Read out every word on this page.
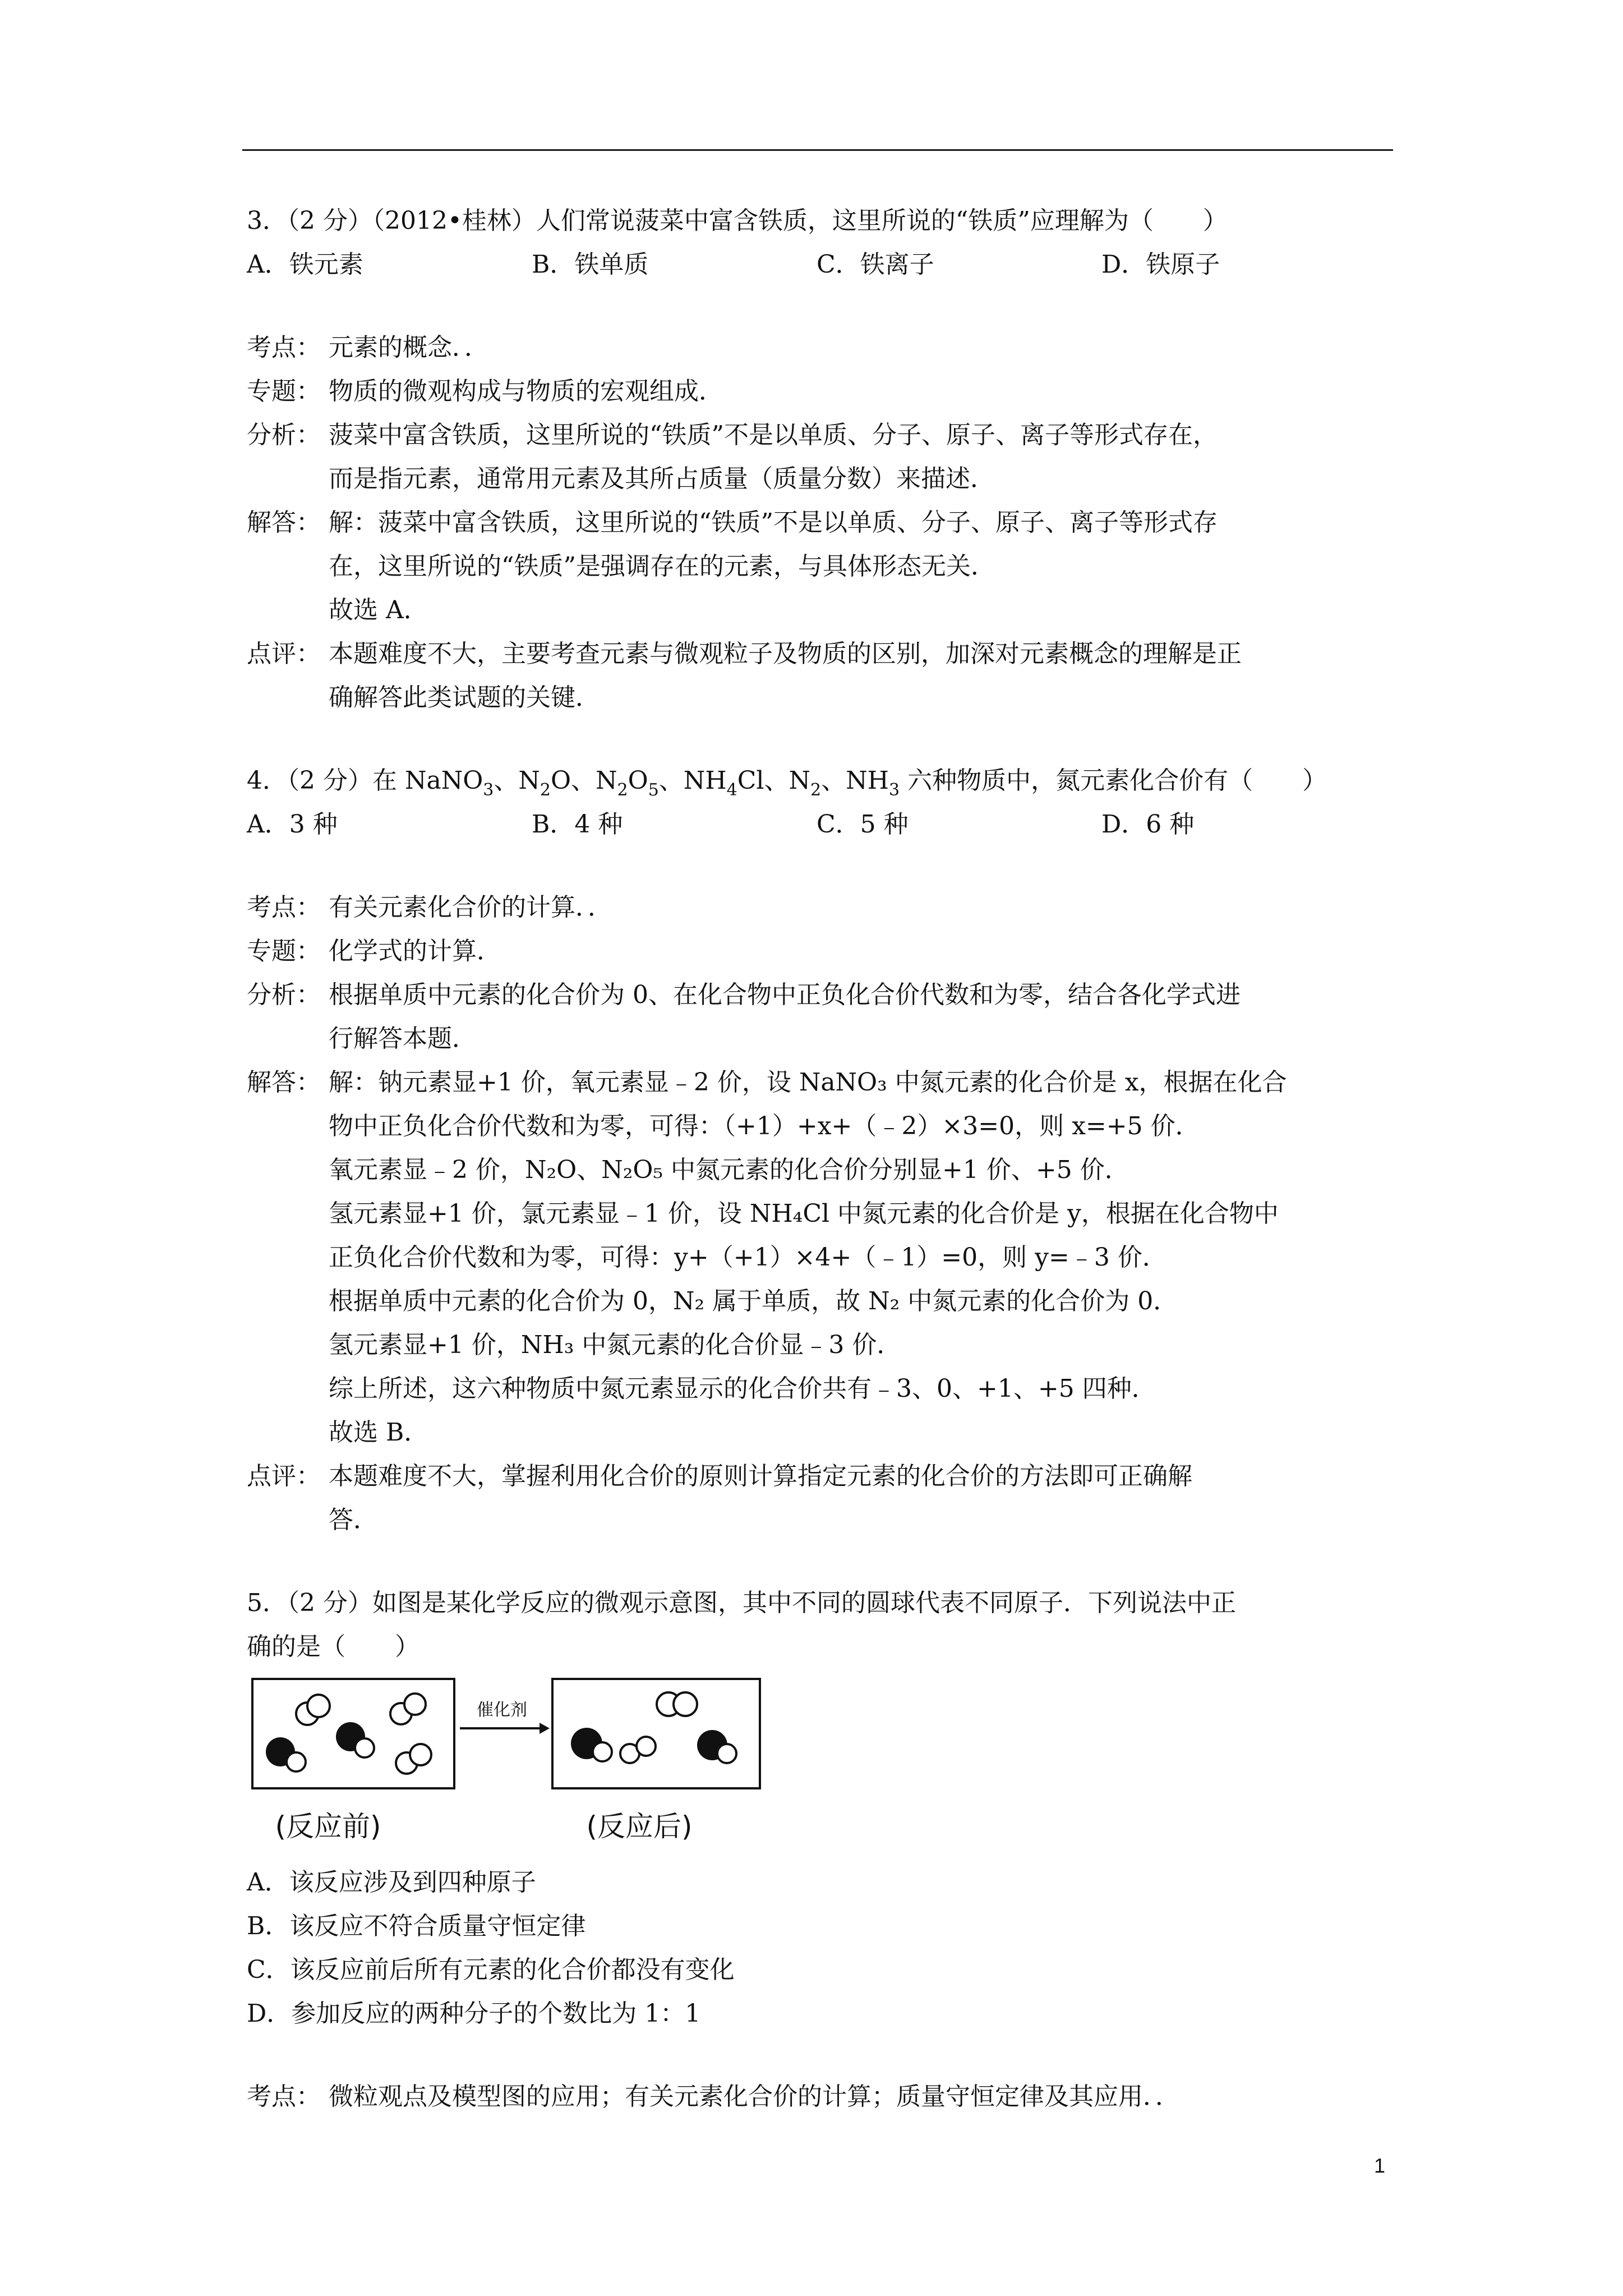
3．（2 分）（2012•桂林）人们常说菠菜中富含铁质，这里所说的“铁质”应理解为（　　）
A．铁元素	B．铁单质	C．铁离子	D．铁原子
考点： 元素的概念．．
专题： 物质的微观构成与物质的宏观组成．
分析： 菠菜中富含铁质，这里所说的“铁质”不是以单质、分子、原子、离子等形式存在，
而是指元素，通常用元素及其所占质量（质量分数）来描述．
解答： 解：菠菜中富含铁质，这里所说的“铁质”不是以单质、分子、原子、离子等形式存
在，这里所说的“铁质”是强调存在的元素，与具体形态无关．
故选 A．
点评： 本题难度不大，主要考查元素与微观粒子及物质的区别，加深对元素概念的理解是正
确解答此类试题的关键．
4．（2 分）在 NaNO$_3$、$N_2O$、$N_2O_5$、$NH_4Cl$、$N_2$、$NH_3$ 六种物质中，氮元素化合价有（　　）
A．3 种	B．4 种	C．5 种	D．6 种
考点： 有关元素化合价的计算．．
专题： 化学式的计算．
分析： 根据单质中元素的化合价为 0、在化合物中正负化合价代数和为零，结合各化学式进
行解答本题．
解答： 解：钠元素显+1 价，氧元素显﹣2 价，设 NaNO₃ 中氮元素的化合价是 x，根据在化合
物中正负化合价代数和为零，可得：（+1）+x+（﹣2）×3=0，则 x=+5 价．
氧元素显﹣2 价，N₂O、N₂O₅ 中氮元素的化合价分别显+1 价、+5 价．
氢元素显+1 价，氯元素显﹣1 价，设 NH₄Cl 中氮元素的化合价是 y，根据在化合物中
正负化合价代数和为零，可得：y+（+1）×4+（﹣1）=0，则 y=﹣3 价．
根据单质中元素的化合价为 0，N₂ 属于单质，故 N₂ 中氮元素的化合价为 0．
氢元素显+1 价，NH₃ 中氮元素的化合价显﹣3 价．
综上所述，这六种物质中氮元素显示的化合价共有﹣3、0、+1、+5 四种．
故选 B．
点评： 本题难度不大，掌握利用化合价的原则计算指定元素的化合价的方法即可正确解
答．
5．（2 分）如图是某化学反应的微观示意图，其中不同的圆球代表不同原子．下列说法中正
确的是（　　）
催化剂
(反应前)	(反应后)
A．该反应涉及到四种原子
B．该反应不符合质量守恒定律
C．该反应前后所有元素的化合价都没有变化
D．参加反应的两种分子的个数比为 1：1
考点： 微粒观点及模型图的应用；有关元素化合价的计算；质量守恒定律及其应用．．
1
